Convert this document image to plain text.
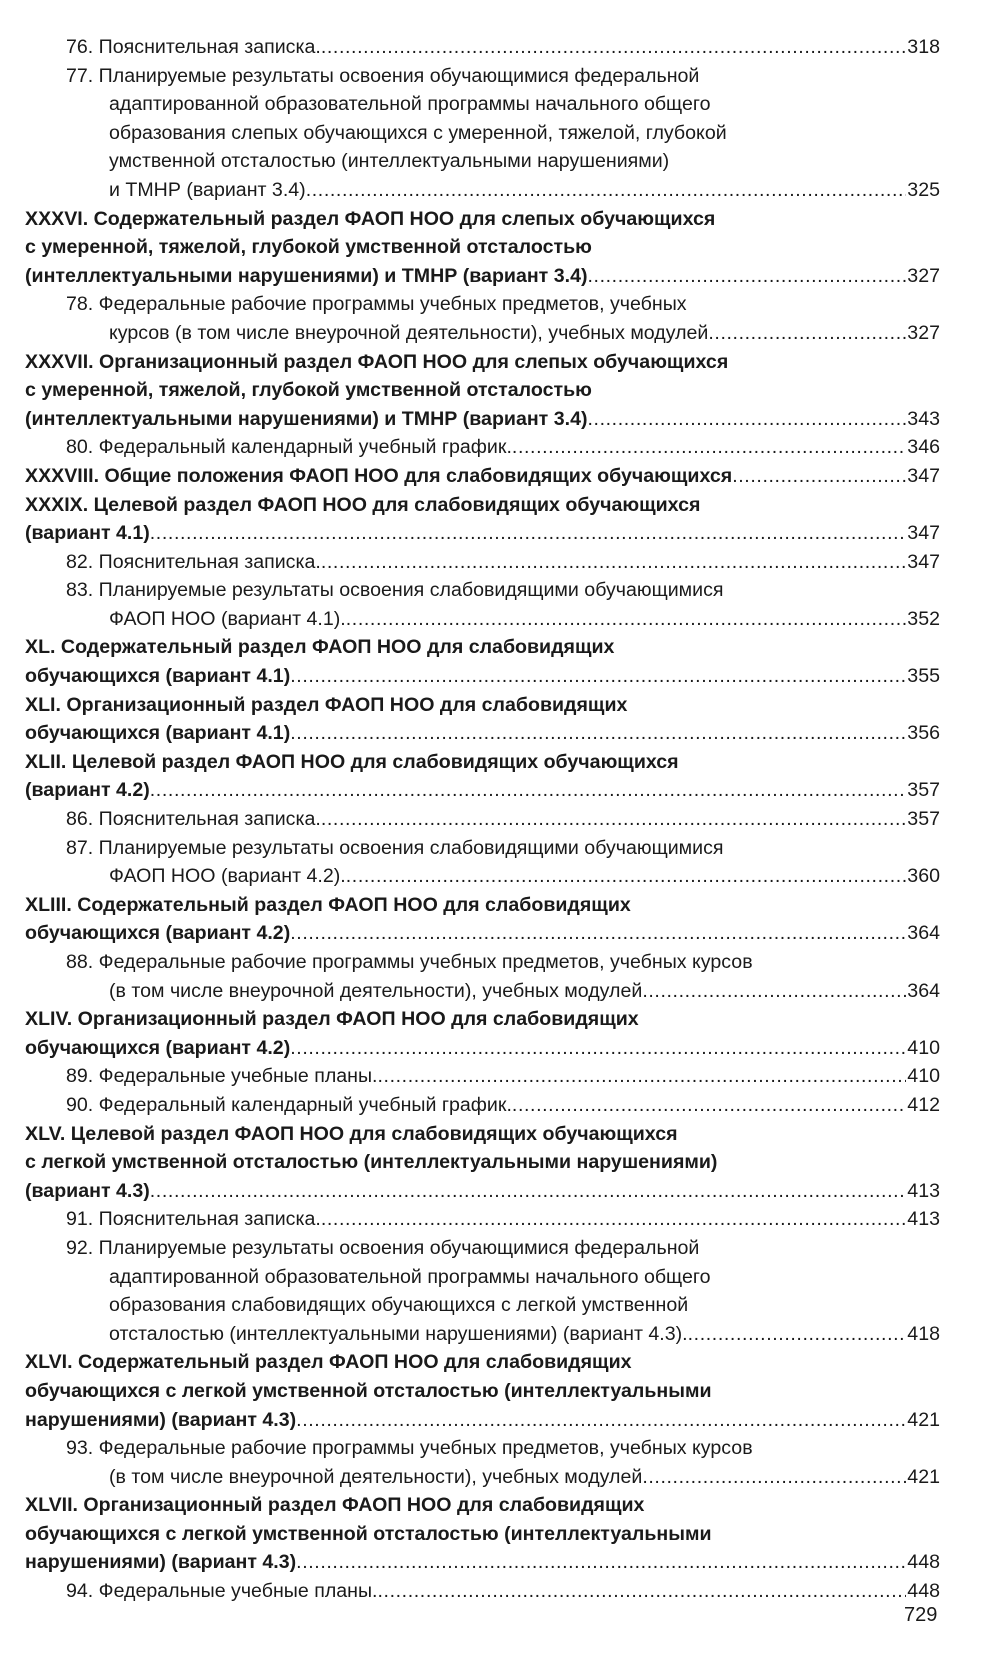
76. Пояснительная записка. .....	318
77. Планируемые результаты освоения обучающимися федеральной
адаптированной образовательной программы начального общего
образования слепых обучающихся с умеренной, тяжелой, глубокой
умственной отсталостью (интеллектуальными нарушениями)
и ТМНР (вариант 3.4) .....	325
XXXVI. Содержательный раздел ФАОП НОО для слепых обучающихся
с умеренной, тяжелой, глубокой умственной отсталостью
(интеллектуальными нарушениями) и ТМНР (вариант 3.4) .....	327
78. Федеральные рабочие программы учебных предметов, учебных
курсов (в том числе внеурочной деятельности), учебных модулей .....	327
XXXVII. Организационный раздел ФАОП НОО для слепых обучающихся
с умеренной, тяжелой, глубокой умственной отсталостью
(интеллектуальными нарушениями) и ТМНР (вариант 3.4) .....	343
80. Федеральный календарный учебный график. .....	346
XXXVIII. Общие положения ФАОП НОО для слабовидящих обучающихся .....	347
XXXIX. Целевой раздел ФАОП НОО для слабовидящих обучающихся
(вариант 4.1) .....	347
82. Пояснительная записка. .....	347
83. Планируемые результаты освоения слабовидящими обучающимися
ФАОП НОО (вариант 4.1). .....	352
XL. Содержательный раздел ФАОП НОО для слабовидящих
обучающихся (вариант 4.1) .....	355
XLI. Организационный раздел ФАОП НОО для слабовидящих
обучающихся (вариант 4.1) .....	356
XLII. Целевой раздел ФАОП НОО для слабовидящих обучающихся
(вариант 4.2) .....	357
86. Пояснительная записка. .....	357
87. Планируемые результаты освоения слабовидящими обучающимися
ФАОП НОО (вариант 4.2). .....	360
XLIII. Содержательный раздел ФАОП НОО для слабовидящих
обучающихся (вариант 4.2) .....	364
88. Федеральные рабочие программы учебных предметов, учебных курсов
(в том числе внеурочной деятельности), учебных модулей .....	364
XLIV. Организационный раздел ФАОП НОО для слабовидящих
обучающихся (вариант 4.2) .....	410
89. Федеральные учебные планы. .....	410
90. Федеральный календарный учебный график. .....	412
XLV. Целевой раздел ФАОП НОО для слабовидящих обучающихся
с легкой умственной отсталостью (интеллектуальными нарушениями)
(вариант 4.3) .....	413
91. Пояснительная записка. .....	413
92. Планируемые результаты освоения обучающимися федеральной
адаптированной образовательной программы начального общего
образования слабовидящих обучающихся с легкой умственной
отсталостью (интеллектуальными нарушениями) (вариант 4.3). .....	418
XLVI. Содержательный раздел ФАОП НОО для слабовидящих
обучающихся с легкой умственной отсталостью (интеллектуальными
нарушениями) (вариант 4.3) .....	421
93. Федеральные рабочие программы учебных предметов, учебных курсов
(в том числе внеурочной деятельности), учебных модулей .....	421
XLVII. Организационный раздел ФАОП НОО для слабовидящих
обучающихся с легкой умственной отсталостью (интеллектуальными
нарушениями) (вариант 4.3) .....	448
94. Федеральные учебные планы. .....	448
729
